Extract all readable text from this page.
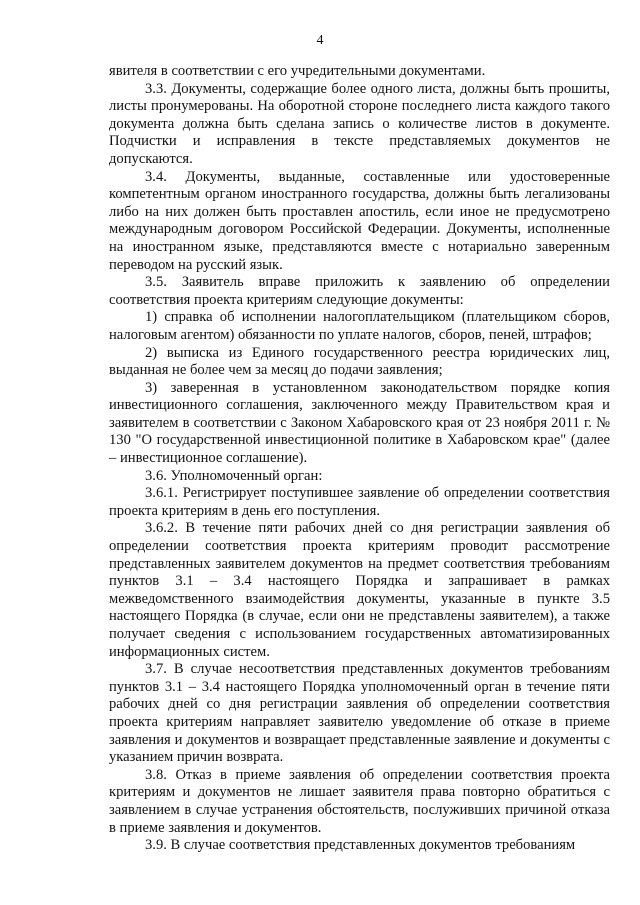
4

явителя в соответствии с его учредительными документами.

3.3. Документы, содержащие более одного листа, должны быть прошиты, листы пронумерованы. На оборотной стороне последнего листа каждого такого документа должна быть сделана запись о количестве листов в документе. Подчистки и исправления в тексте представляемых документов не допускаются.

3.4. Документы, выданные, составленные или удостоверенные компетентным органом иностранного государства, должны быть легализованы либо на них должен быть проставлен апостиль, если иное не предусмотрено международным договором Российской Федерации. Документы, исполненные на иностранном языке, представляются вместе с нотариально заверенным переводом на русский язык.

3.5. Заявитель вправе приложить к заявлению об определении соответствия проекта критериям следующие документы:

1) справка об исполнении налогоплательщиком (плательщиком сборов, налоговым агентом) обязанности по уплате налогов, сборов, пеней, штрафов;

2) выписка из Единого государственного реестра юридических лиц, выданная не более чем за месяц до подачи заявления;

3) заверенная в установленном законодательством порядке копия инвестиционного соглашения, заключенного между Правительством края и заявителем в соответствии с Законом Хабаровского края от 23 ноября 2011 г. № 130 "О государственной инвестиционной политике в Хабаровском крае" (далее – инвестиционное соглашение).

3.6. Уполномоченный орган:

3.6.1. Регистрирует поступившее заявление об определении соответствия проекта критериям в день его поступления.

3.6.2. В течение пяти рабочих дней со дня регистрации заявления об определении соответствия проекта критериям проводит рассмотрение представленных заявителем документов на предмет соответствия требованиям пунктов 3.1 – 3.4 настоящего Порядка и запрашивает в рамках межведомственного взаимодействия документы, указанные в пункте 3.5 настоящего Порядка (в случае, если они не представлены заявителем), а также получает сведения с использованием государственных автоматизированных информационных систем.

3.7. В случае несоответствия представленных документов требованиям пунктов 3.1 – 3.4 настоящего Порядка уполномоченный орган в течение пяти рабочих дней со дня регистрации заявления об определении соответствия проекта критериям направляет заявителю уведомление об отказе в приеме заявления и документов и возвращает представленные заявление и документы с указанием причин возврата.

3.8. Отказ в приеме заявления об определении соответствия проекта критериям и документов не лишает заявителя права повторно обратиться с заявлением в случае устранения обстоятельств, послуживших причиной отказа в приеме заявления и документов.

3.9. В случае соответствия представленных документов требованиям
